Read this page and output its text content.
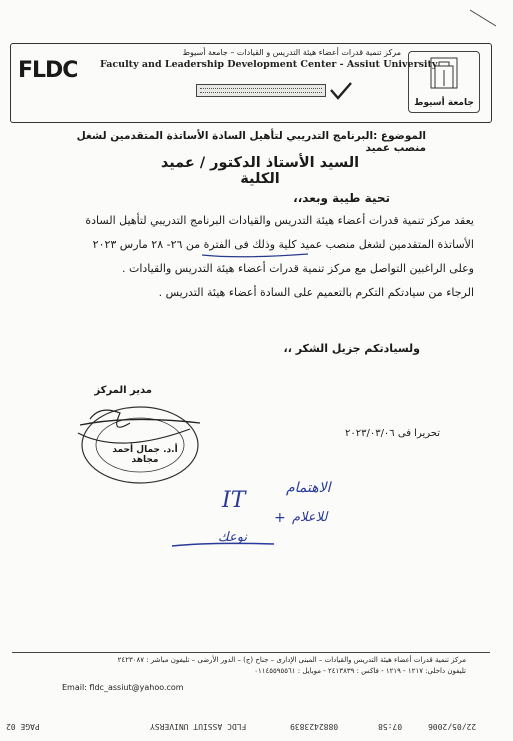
FLDC
جامعة أسيوط
مركز تنمية قدرات أعضاء هيئة التدريس و القيادات – جامعة أسيوط
Faculty and Leadership Development Center - Assiut University
الموضوع :البرنامج التدريبي لتأهيل السادة الأساتذة المتقدمين لشغل منصب عميد
السيد الأستاذ الدكتور / عميد الكلية
تحية طيبة وبعد،،
يعقد مركز تنمية قدرات أعضاء هيئة التدريس والقيادات البرنامج التدريبي لتأهيل السادة
الأساتذة المتقدمين لشغل منصب عميد كلية وذلك فى الفترة من ٢٦- ٢٨ مارس ٢٠٢٣
وعلى الراغبين التواصل مع مركز تنمية قدرات أعضاء هيئة التدريس والقيادات .
الرجاء من سيادتكم التكرم بالتعميم على السادة أعضاء هيئة التدريس .
ولسيادتكم جزيل الشكر ،،
مدير المركز
أ.د. جمال أحمد مجاهد
تحريرا فى ٢٠٢٣/٠٣/٠٦
IT	الاهتمام
+ للاعلام
نوعك
مركز تنمية قدرات أعضاء هيئة التدريس والقيادات – المبنى الإدارى – جناح (ج) – الدور الأرضى – تليفون مباشر : ٢٤٢٣٠٨٧
تليفون داخلى: ١٢١٧ - ١٢١٩ - فاكس : ٢٤١٣٨٣٩ - موبايل : ٠١١٤٥٥٩٥٥٦١
Email: fldc_assiut@yahoo.com
PAGE 02	FLDC ASSIUT UNIVERSY	0882423839	07:58	22/05/2006
